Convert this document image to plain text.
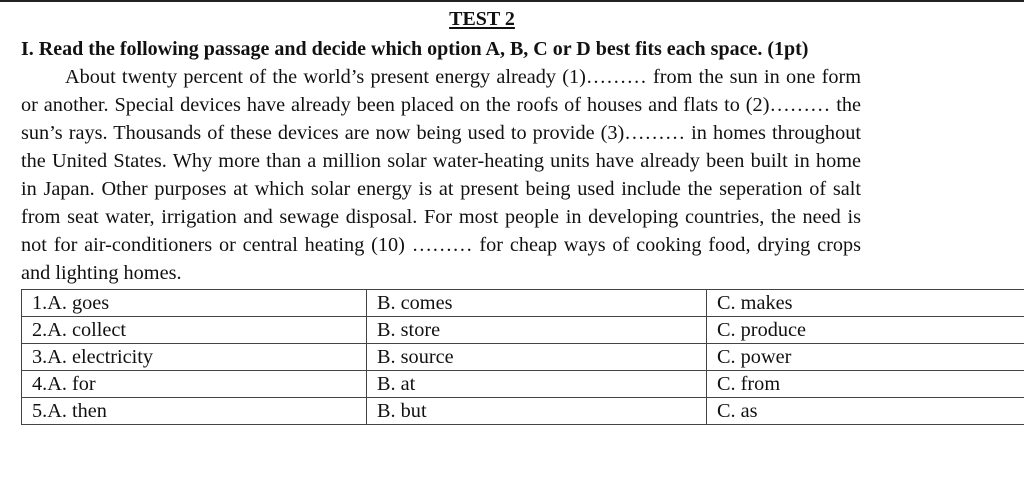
TEST 2
I. Read the following passage and decide which option A, B, C or D best fits each space. (1pt)

About twenty percent of the world’s present energy already (1)……… from the sun in one form or another. Special devices have already been placed on the roofs of houses and flats to (2)……… the sun’s rays. Thousands of these devices are now being used to provide (3)……… in homes throughout the United States. Why more than a million solar water-heating units have already been built in home in Japan. Other purposes at which solar energy is at present being used include the seperation of salt from seat water, irrigation and sewage disposal. For most people in developing countries, the need is not for air-conditioners or central heating (10) ……… for cheap ways of cooking food, drying crops and lighting homes.

1.A. goes	B. comes	C. makes
2.A. collect	B. store	C. produce
3.A. electricity	B. source	C. power
4.A. for	B. at	C. from
5.A. then	B. but	C. as
